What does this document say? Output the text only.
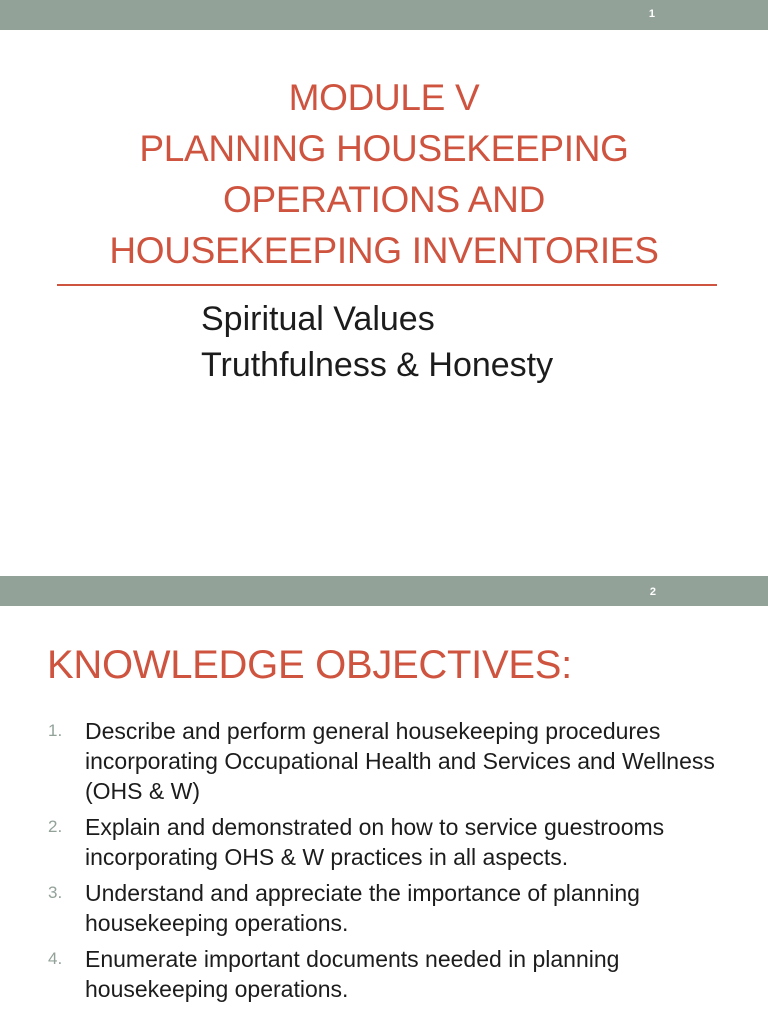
1
MODULE V
PLANNING HOUSEKEEPING
OPERATIONS AND
HOUSEKEEPING INVENTORIES
Spiritual Values
Truthfulness & Honesty
2
KNOWLEDGE OBJECTIVES:
1. Describe and perform general housekeeping procedures incorporating Occupational Health and Services and Wellness (OHS & W)
2. Explain and demonstrated on how to service guestrooms incorporating OHS & W practices in all aspects.
3. Understand and appreciate the importance of planning housekeeping operations.
4. Enumerate important documents needed in planning housekeeping operations.
